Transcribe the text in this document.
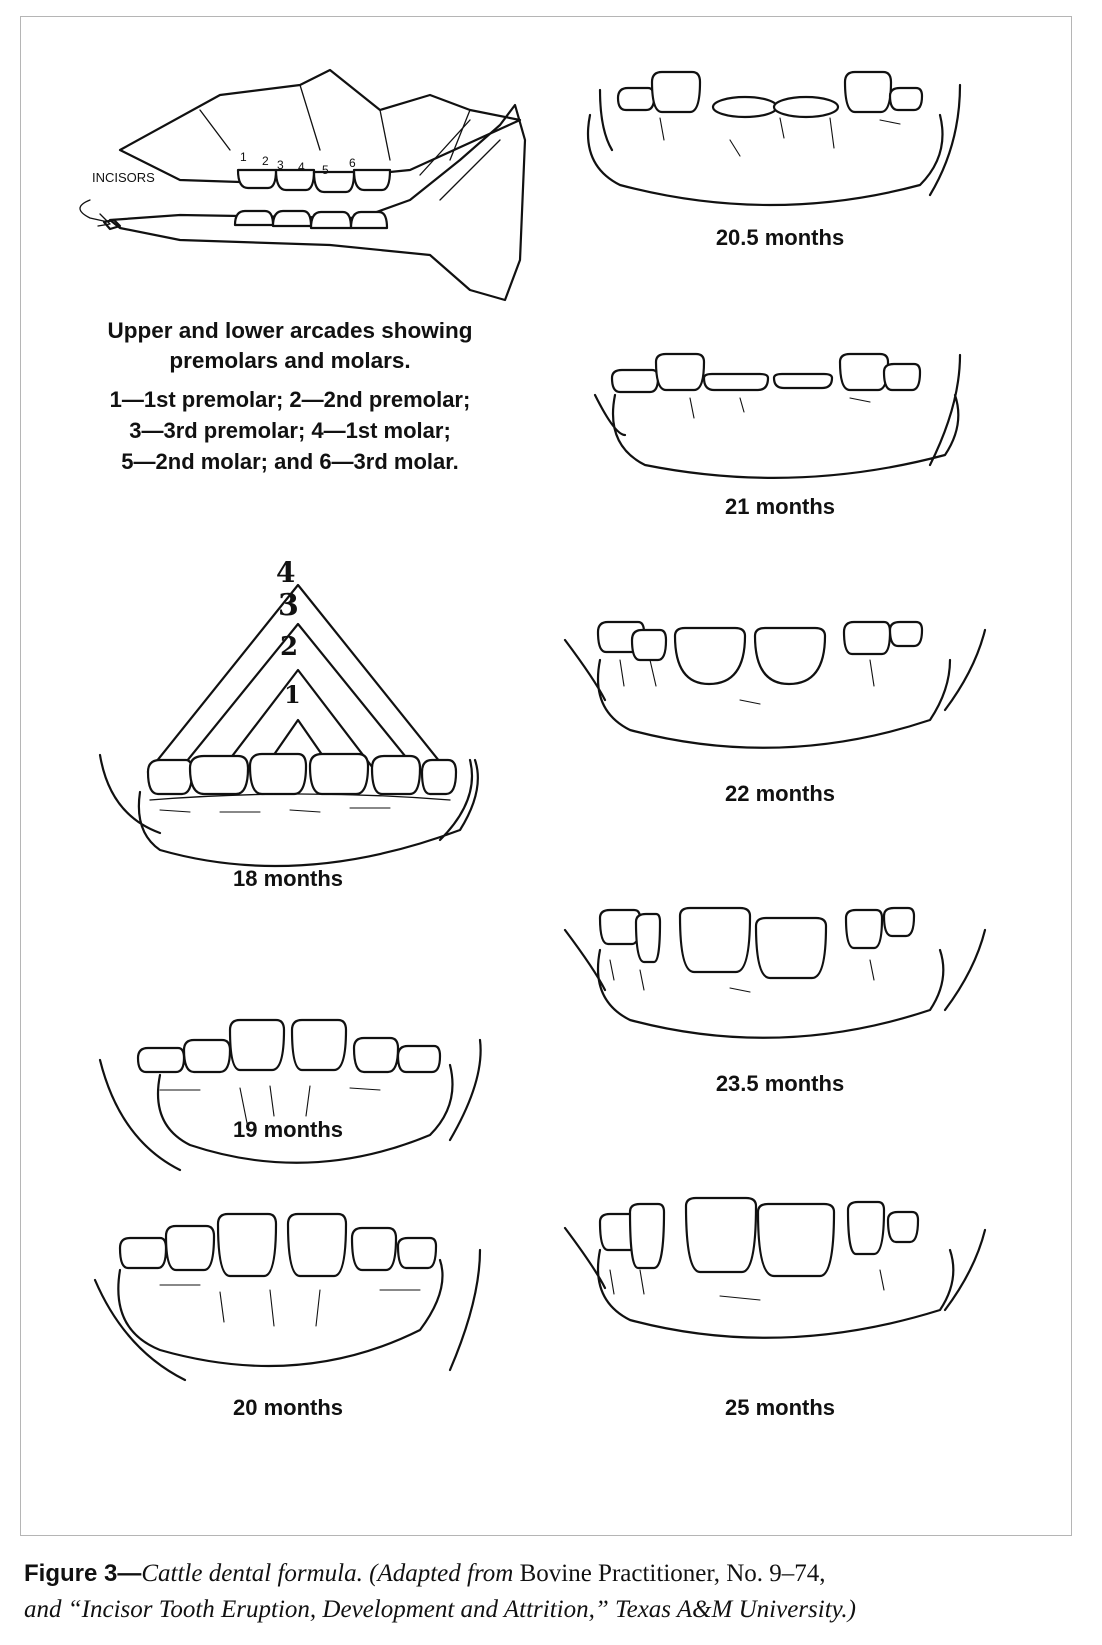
INCISORS
1 2 3 4 5 6
Upper and lower arcades showing premolars and molars.
1—1st premolar; 2—2nd premolar;
3—3rd premolar; 4—1st molar;
5—2nd molar; and 6—3rd molar.
4
3
2
1
18 months
19 months
20 months
20.5 months
21 months
22 months
23.5 months
25 months
Figure 3—Cattle dental formula. (Adapted from Bovine Practitioner, No. 9–74,
and “Incisor Tooth Eruption, Development and Attrition,” Texas A&M University.)
